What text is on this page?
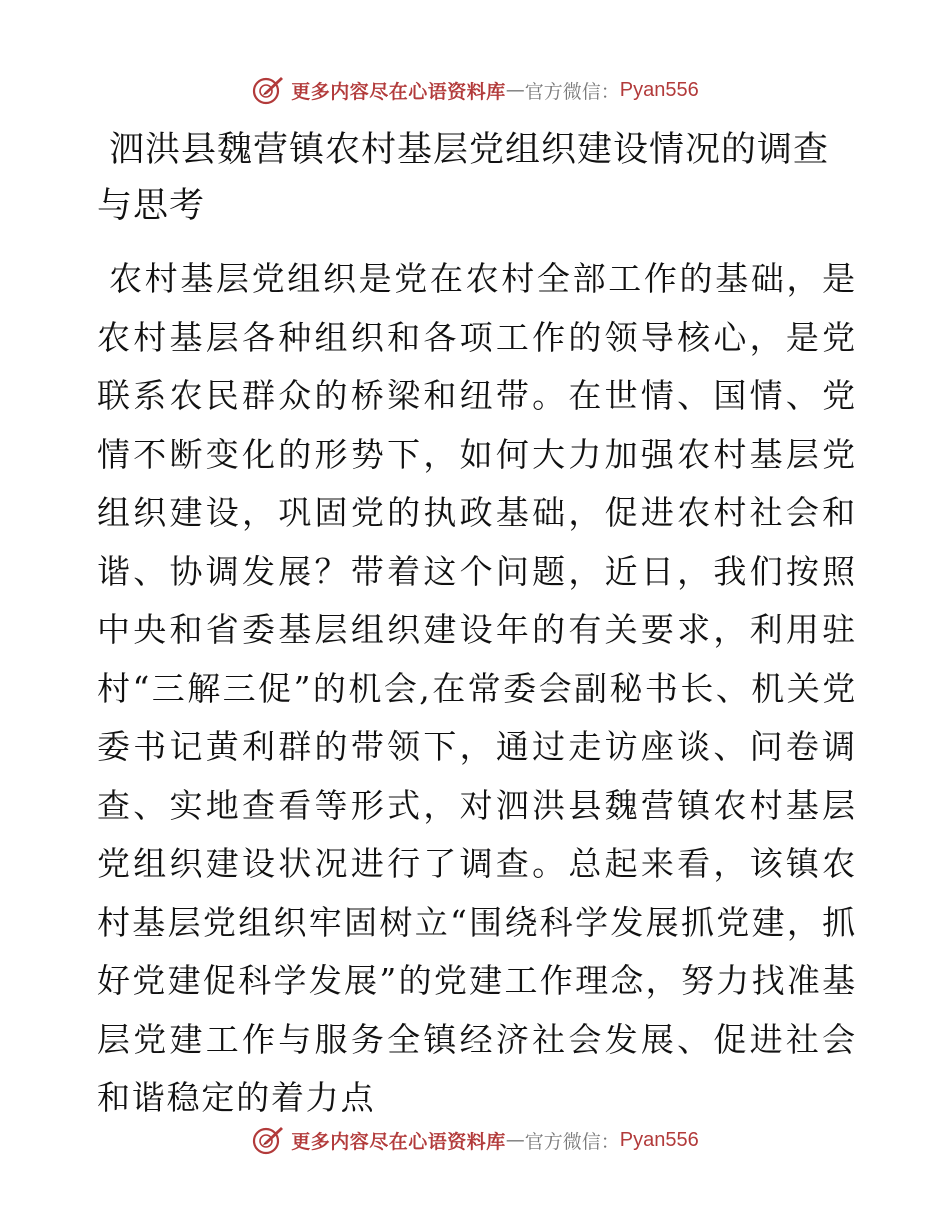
更多内容尽在心语资料库 — 官方微信： Pyan556
泗洪县魏营镇农村基层党组织建设情况的调查与思考

农村基层党组织是党在农村全部工作的基础，是农村基层各种组织和各项工作的领导核心，是党联系农民群众的桥梁和纽带。在世情、国情、党情不断变化的形势下，如何大力加强农村基层党组织建设，巩固党的执政基础，促进农村社会和谐、协调发展？带着这个问题，近日，我们按照中央和省委基层组织建设年的有关要求，利用驻村“三解三促”的机会,在常委会副秘书长、机关党委书记黄利群的带领下，通过走访座谈、问卷调查、实地查看等形式，对泗洪县魏营镇农村基层党组织建设状况进行了调查。总起来看，该镇农村基层党组织牢固树立“围绕科学发展抓党建，抓好党建促科学发展”的党建工作理念，努力找准基层党建工作与服务全镇经济社会发展、促进社会和谐稳定的着力点

更多内容尽在心语资料库 — 官方微信： Pyan556
